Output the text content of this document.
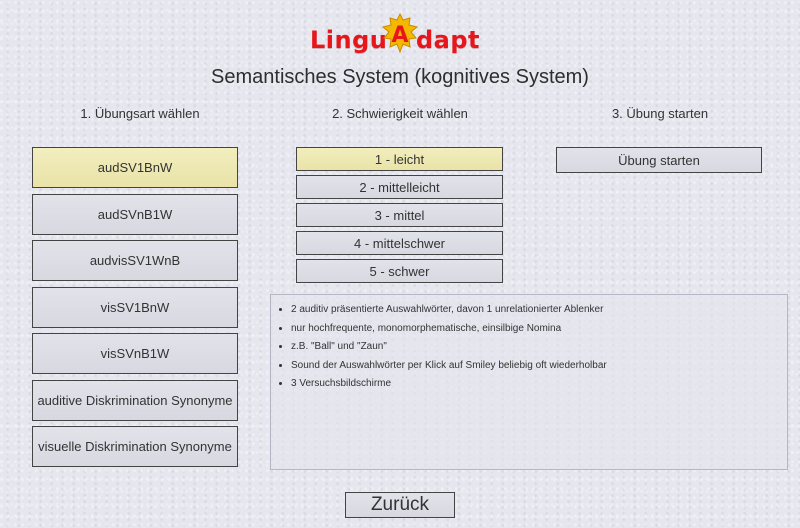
Lingu A dapt
Semantisches System (kognitives System)
1. Übungsart wählen	2. Schwierigkeit wählen	3. Übung starten
audSV1BnW
audSVnB1W
audvisSV1WnB
visSV1BnW
visSVnB1W
auditive Diskrimination Synonyme
visuelle Diskrimination Synonyme
1 - leicht
2 - mittelleicht
3 - mittel
4 - mittelschwer
5 - schwer
Übung starten
• 2 auditiv präsentierte Auswahlwörter, davon 1 unrelationierter Ablenker
• nur hochfrequente, monomorphematische, einsilbige Nomina
• z.B. "Ball" und "Zaun"
• Sound der Auswahlwörter per Klick auf Smiley beliebig oft wiederholbar
• 3 Versuchsbildschirme
Zurück
